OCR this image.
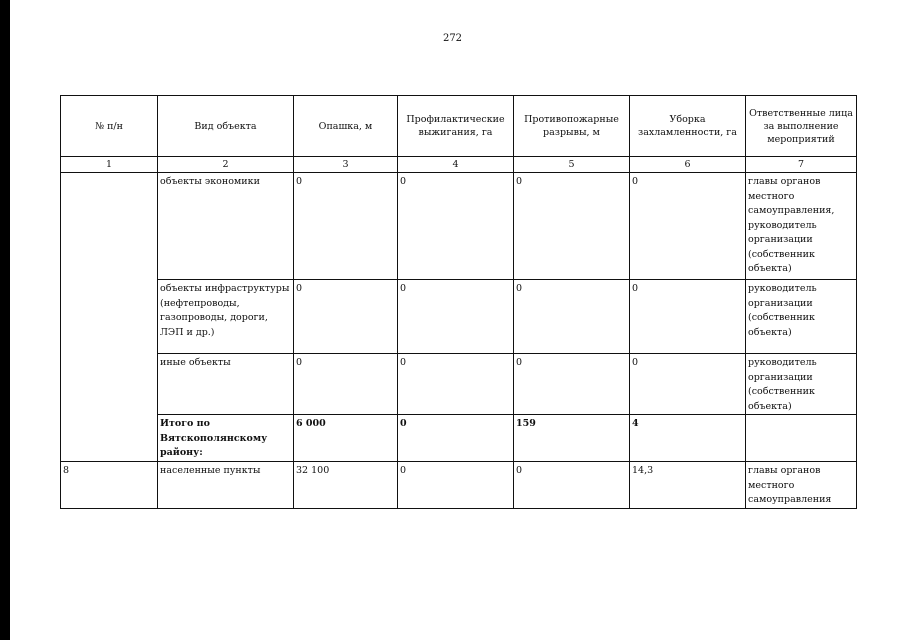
272
№ п/н	Вид объекта	Опашка, м	Профилактические выжигания, га	Противопожарные разрывы, м	Уборка захламленности, га	Ответственные лица за выполнение мероприятий
1	2	3	4	5	6	7
	объекты экономики	0	0	0	0	главы органов местного самоуправления, руководитель организации (собственник объекта)
	объекты инфраструктуры (нефтепроводы, газопроводы, дороги, ЛЭП и др.)	0	0	0	0	руководитель организации (собственник объекта)
	иные объекты	0	0	0	0	руководитель организации (собственник объекта)
	Итого по Вятскополянскому району:	6 000	0	159	4	
8	населенные пункты	32 100	0	0	14,3	главы органов местного самоуправления
